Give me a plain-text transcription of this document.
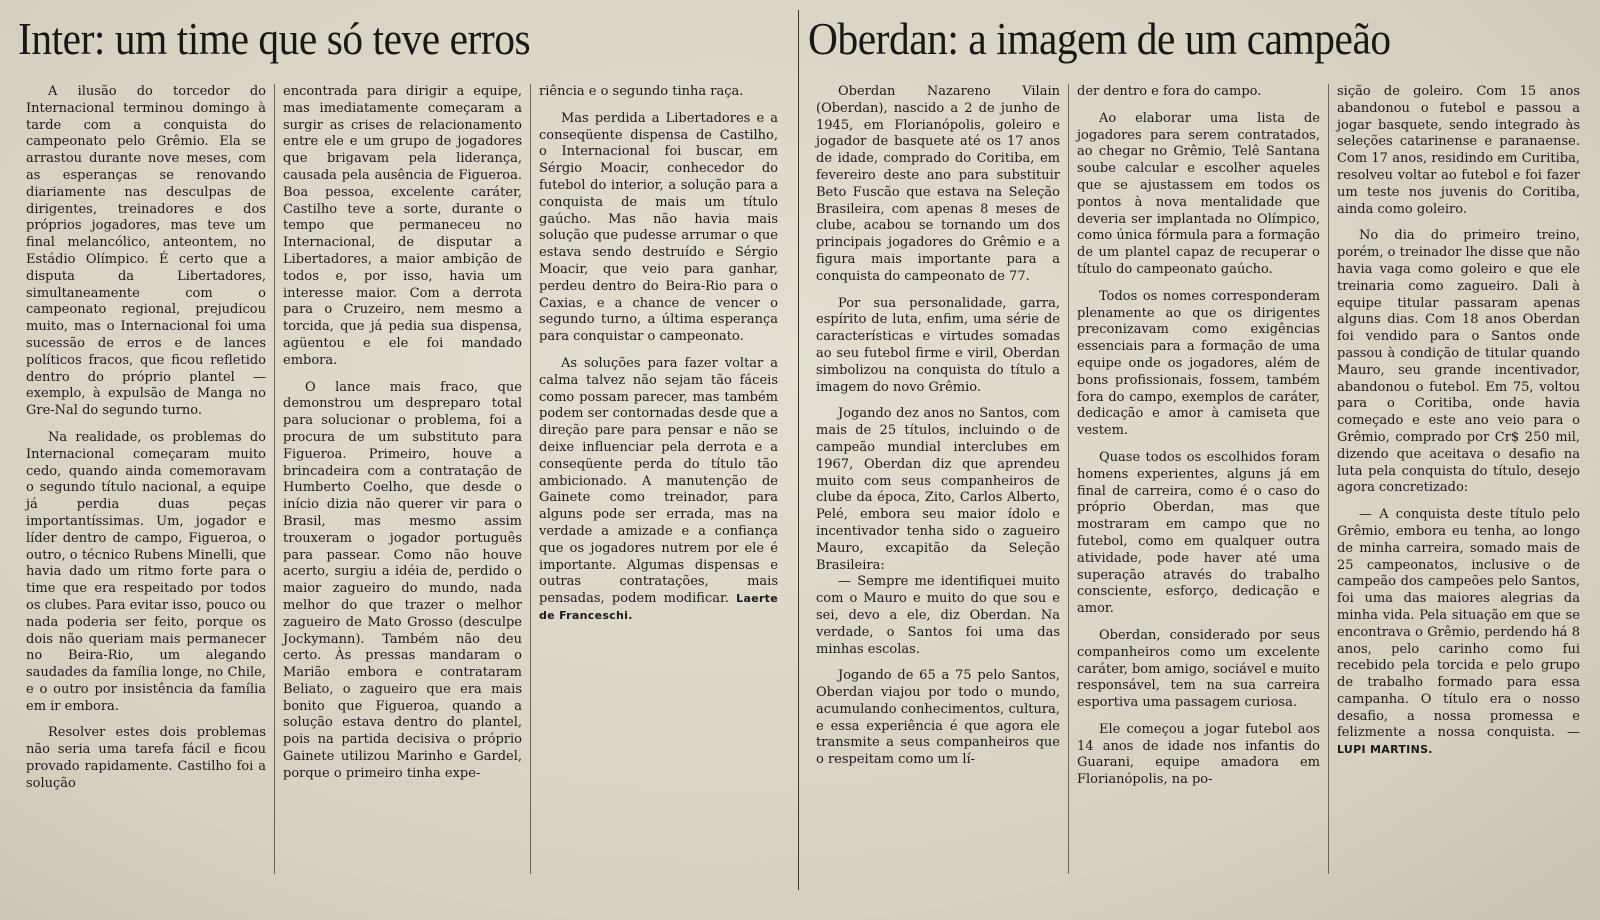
Inter: um time que só teve erros

A ilusão do torcedor do Internacional terminou domingo à tarde com a conquista do campeonato pelo Grêmio. Ela se arrastou durante nove meses, com as esperanças se renovando diariamente nas desculpas de dirigentes, treinadores e dos próprios jogadores, mas teve um final melancólico, anteontem, no Estádio Olímpico. É certo que a disputa da Libertadores, simultaneamente com o campeonato regional, prejudicou muito, mas o Internacional foi uma sucessão de erros e de lances políticos fracos, que ficou refletido dentro do próprio plantel — exemplo, à expulsão de Manga no Gre-Nal do segundo turno.

Na realidade, os problemas do Internacional começaram muito cedo, quando ainda comemoravam o segundo título nacional, a equipe já perdia duas peças importantíssimas. Um, jogador e líder dentro de campo, Figueroa, o outro, o técnico Rubens Minelli, que havia dado um ritmo forte para o time que era respeitado por todos os clubes. Para evitar isso, pouco ou nada poderia ser feito, porque os dois não queriam mais permanecer no Beira-Rio, um alegando saudades da família longe, no Chile, e o outro por insistência da família em ir embora.

Resolver estes dois problemas não seria uma tarefa fácil e ficou provado rapidamente. Castilho foi a solução

encontrada para dirigir a equipe, mas imediatamente começaram a surgir as crises de relacionamento entre ele e um grupo de jogadores que brigavam pela liderança, causada pela ausência de Figueroa. Boa pessoa, excelente caráter, Castilho teve a sorte, durante o tempo que permaneceu no Internacional, de disputar a Libertadores, a maior ambição de todos e, por isso, havia um interesse maior. Com a derrota para o Cruzeiro, nem mesmo a torcida, que já pedia sua dispensa, agüentou e ele foi mandado embora.

O lance mais fraco, que demonstrou um despreparo total para solucionar o problema, foi a procura de um substituto para Figueroa. Primeiro, houve a brincadeira com a contratação de Humberto Coelho, que desde o início dizia não querer vir para o Brasil, mas mesmo assim trouxeram o jogador português para passear. Como não houve acerto, surgiu a idéia de, perdido o maior zagueiro do mundo, nada melhor do que trazer o melhor zagueiro de Mato Grosso (desculpe Jockymann). Também não deu certo. Às pressas mandaram o Marião embora e contrataram Beliato, o zagueiro que era mais bonito que Figueroa, quando a solução estava dentro do plantel, pois na partida decisiva o próprio Gainete utilizou Marinho e Gardel, porque o primeiro tinha expe-

riência e o segundo tinha raça.

Mas perdida a Libertadores e a conseqüente dispensa de Castilho, o Internacional foi buscar, em Sérgio Moacir, conhecedor do futebol do interior, a solução para a conquista de mais um título gaúcho. Mas não havia mais solução que pudesse arrumar o que estava sendo destruído e Sérgio Moacir, que veio para ganhar, perdeu dentro do Beira-Rio para o Caxias, e a chance de vencer o segundo turno, a última esperança para conquistar o campeonato.

As soluções para fazer voltar a calma talvez não sejam tão fáceis como possam parecer, mas também podem ser contornadas desde que a direção pare para pensar e não se deixe influenciar pela derrota e a conseqüente perda do título tão ambicionado. A manutenção de Gainete como treinador, para alguns pode ser errada, mas na verdade a amizade e a confiança que os jogadores nutrem por ele é importante. Algumas dispensas e outras contratações, mais pensadas, podem modificar. Laerte de Franceschi.

Oberdan: a imagem de um campeão

Oberdan Nazareno Vilain (Oberdan), nascido a 2 de junho de 1945, em Florianópolis, goleiro e jogador de basquete até os 17 anos de idade, comprado do Coritiba, em fevereiro deste ano para substituir Beto Fuscão que estava na Seleção Brasileira, com apenas 8 meses de clube, acabou se tornando um dos principais jogadores do Grêmio e a figura mais importante para a conquista do campeonato de 77.

Por sua personalidade, garra, espírito de luta, enfim, uma série de características e virtudes somadas ao seu futebol firme e viril, Oberdan simbolizou na conquista do título a imagem do novo Grêmio.

Jogando dez anos no Santos, com mais de 25 títulos, incluindo o de campeão mundial interclubes em 1967, Oberdan diz que aprendeu muito com seus companheiros de clube da época, Zito, Carlos Alberto, Pelé, embora seu maior ídolo e incentivador tenha sido o zagueiro Mauro, excapitão da Seleção Brasileira:

— Sempre me identifiquei muito com o Mauro e muito do que sou e sei, devo a ele, diz Oberdan. Na verdade, o Santos foi uma das minhas escolas.

Jogando de 65 a 75 pelo Santos, Oberdan viajou por todo o mundo, acumulando conhecimentos, cultura, e essa experiência é que agora ele transmite a seus companheiros que o respeitam como um lí-

der dentro e fora do campo.

Ao elaborar uma lista de jogadores para serem contratados, ao chegar no Grêmio, Telê Santana soube calcular e escolher aqueles que se ajustassem em todos os pontos à nova mentalidade que deveria ser implantada no Olímpico, como única fórmula para a formação de um plantel capaz de recuperar o título do campeonato gaúcho.

Todos os nomes corresponderam plenamente ao que os dirigentes preconizavam como exigências essenciais para a formação de uma equipe onde os jogadores, além de bons profissionais, fossem, também fora do campo, exemplos de caráter, dedicação e amor à camiseta que vestem.

Quase todos os escolhidos foram homens experientes, alguns já em final de carreira, como é o caso do próprio Oberdan, mas que mostraram em campo que no futebol, como em qualquer outra atividade, pode haver até uma superação através do trabalho consciente, esforço, dedicação e amor.

Oberdan, considerado por seus companheiros como um excelente caráter, bom amigo, sociável e muito responsável, tem na sua carreira esportiva uma passagem curiosa.

Ele começou a jogar futebol aos 14 anos de idade nos infantis do Guarani, equipe amadora em Florianópolis, na po-

sição de goleiro. Com 15 anos abandonou o futebol e passou a jogar basquete, sendo integrado às seleções catarinense e paranaense. Com 17 anos, residindo em Curitiba, resolveu voltar ao futebol e foi fazer um teste nos juvenis do Coritiba, ainda como goleiro.

No dia do primeiro treino, porém, o treinador lhe disse que não havia vaga como goleiro e que ele treinaria como zagueiro. Dali à equipe titular passaram apenas alguns dias. Com 18 anos Oberdan foi vendido para o Santos onde passou à condição de titular quando Mauro, seu grande incentivador, abandonou o futebol. Em 75, voltou para o Coritiba, onde havia começado e este ano veio para o Grêmio, comprado por Cr$ 250 mil, dizendo que aceitava o desafio na luta pela conquista do título, desejo agora concretizado:

— A conquista deste título pelo Grêmio, embora eu tenha, ao longo de minha carreira, somado mais de 25 campeonatos, inclusive o de campeão dos campeões pelo Santos, foi uma das maiores alegrias da minha vida. Pela situação em que se encontrava o Grêmio, perdendo há 8 anos, pelo carinho como fui recebido pela torcida e pelo grupo de trabalho formado para essa campanha. O título era o nosso desafio, a nossa promessa e felizmente a nossa conquista. — LUPI MARTINS.
